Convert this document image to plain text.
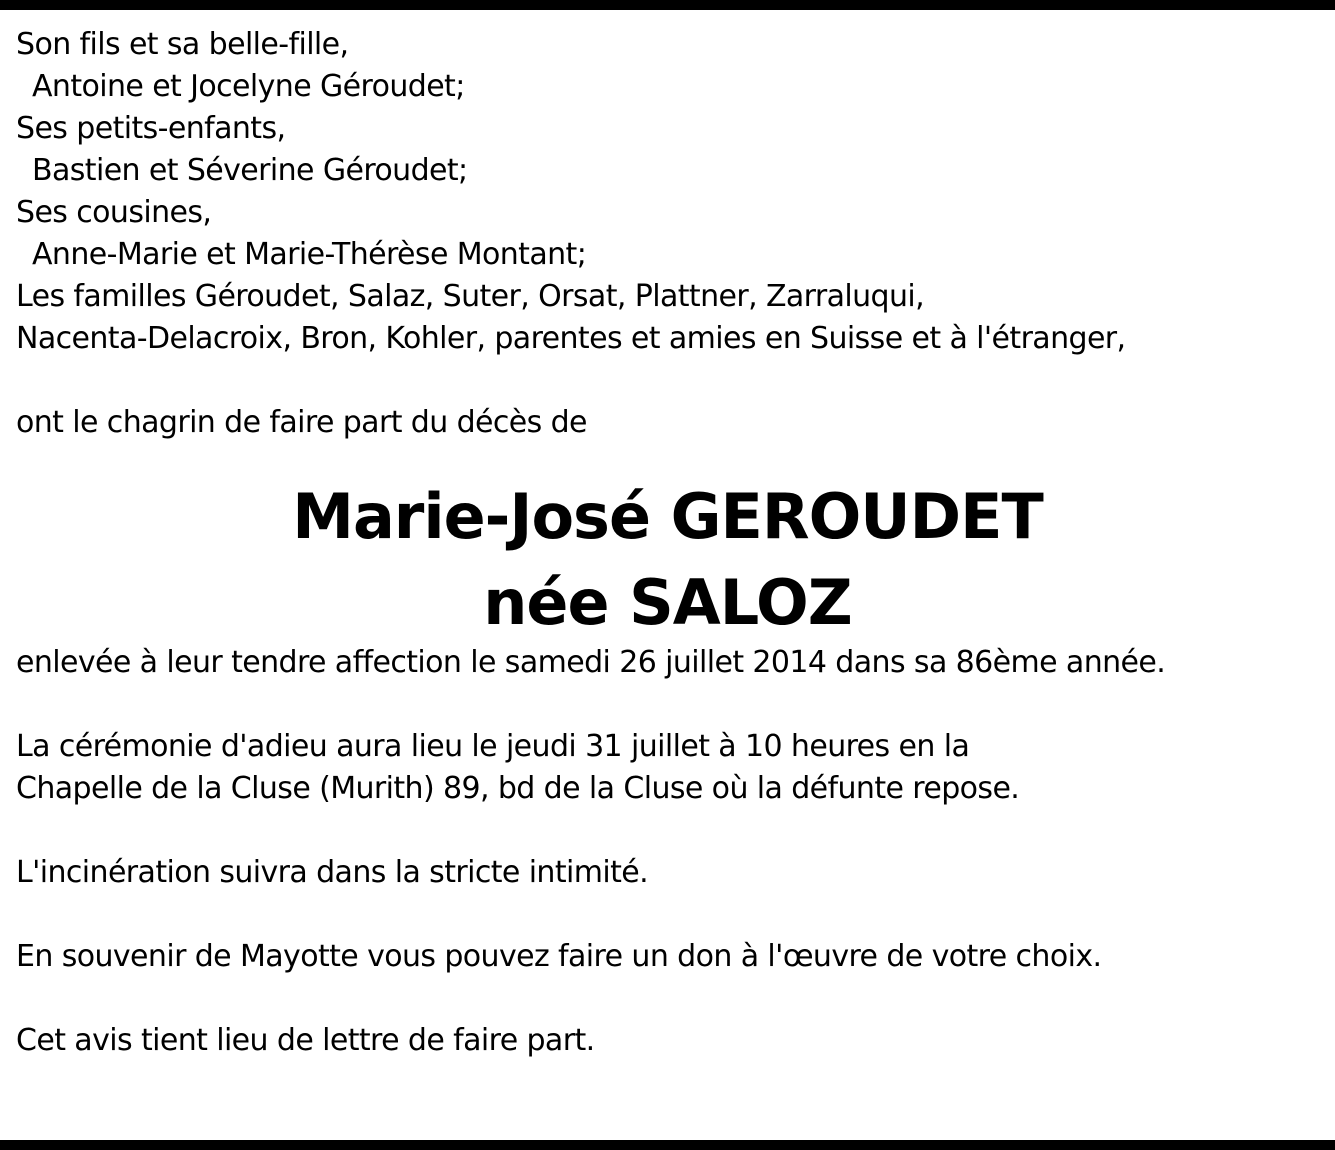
Son fils et sa belle-fille,
Antoine et Jocelyne Géroudet;
Ses petits-enfants,
Bastien et Séverine Géroudet;
Ses cousines,
Anne-Marie et Marie-Thérèse Montant;
Les familles Géroudet, Salaz, Suter, Orsat, Plattner, Zarraluqui,
Nacenta-Delacroix, Bron, Kohler, parentes et amies en Suisse et à l'étranger,
ont le chagrin de faire part du décès de
Marie-José GEROUDET
née SALOZ
enlevée à leur tendre affection le samedi 26 juillet 2014 dans sa 86ème année.
La cérémonie d'adieu aura lieu le jeudi 31 juillet à 10 heures en la
Chapelle de la Cluse (Murith) 89, bd de la Cluse où la défunte repose.
L'incinération suivra dans la stricte intimité.
En souvenir de Mayotte vous pouvez faire un don à l'œuvre de votre choix.
Cet avis tient lieu de lettre de faire part.
